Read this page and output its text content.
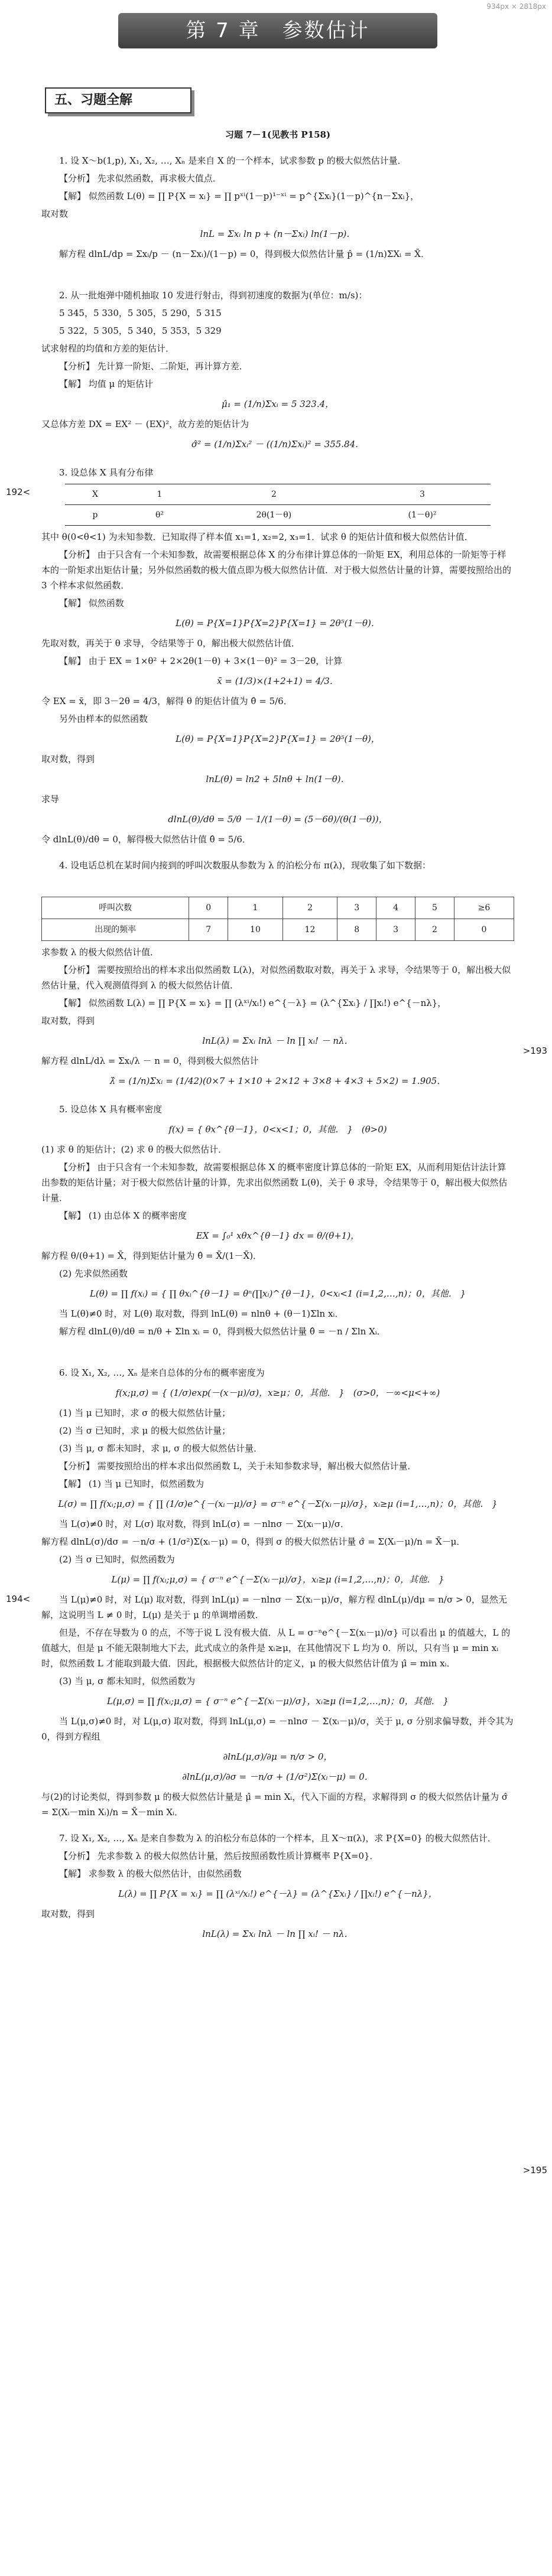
934px × 2818px
第 7 章　参数估计
五、习题全解
192<
>193
194<
>195

习题 7－1(见教书 P158)

1. 设 X～b(1,p), X₁, X₂, …, Xₙ 是来自 X 的一个样本，试求参数 p 的极大似然估计量．

【分析】 先求似然函数，再求极大值点．

【解】 似然函数 L(θ) = ∏ P{X = xᵢ} = ∏ pˣⁱ(1－p)¹⁻ˣⁱ = p^{Σxᵢ}(1－p)^{n－Σxᵢ}，

取对数

lnL = Σxᵢ ln p + (n－Σxᵢ) ln(1－p)．

解方程 dlnL/dp = Σxᵢ/p － (n－Σxᵢ)/(1－p) = 0，得到极大似然估计量 p̂ = (1/n)ΣXᵢ = X̄．

2. 从一批炮弹中随机抽取 10 发进行射击，得到初速度的数据为(单位：m/s)：

5 345，5 330，5 305，5 290，5 315

5 322，5 305，5 340，5 353，5 329

试求射程的均值和方差的矩估计．

【分析】 先计算一阶矩、二阶矩，再计算方差．

【解】 均值 μ 的矩估计

μ̂₁ = (1/n)Σxᵢ = 5 323.4，

又总体方差 DX = EX² － (EX)²，故方差的矩估计为

σ̂² = (1/n)Σxᵢ² － ((1/n)Σxᵢ)² = 355.84．

3. 设总体 X 具有分布律

X	1	2	3
p	θ²	2θ(1－θ)	(1－θ)²

其中 θ(0<θ<1) 为未知参数．已知取得了样本值 x₁=1, x₂=2, x₃=1．试求 θ 的矩估计值和极大似然估计值．

【分析】 由于只含有一个未知参数，故需要根据总体 X 的分布律计算总体的一阶矩 EX，利用总体的一阶矩等于样本的一阶矩求出矩估计量；另外似然函数的极大值点即为极大似然估计值．对于极大似然估计量的计算，需要按照给出的 3 个样本求似然函数．

【解】 似然函数

L(θ) = P{X=1}P{X=2}P{X=1} = 2θ⁵(1－θ)．

先取对数，再关于 θ 求导，令结果等于 0，解出极大似然估计值．

【解】 由于 EX = 1×θ² + 2×2θ(1－θ) + 3×(1－θ)² = 3－2θ，计算

x̄ = (1/3)×(1+2+1) = 4/3．

令 EX = x̄，即 3－2θ = 4/3，解得 θ 的矩估计值为 θ̂ = 5/6．

另外由样本的似然函数

L(θ) = P{X=1}P{X=2}P{X=1} = 2θ⁵(1－θ)，

取对数，得到

lnL(θ) = ln2 + 5lnθ + ln(1－θ)．

求导

dlnL(θ)/dθ = 5/θ － 1/(1－θ) = (5－6θ)/(θ(1－θ))，

令 dlnL(θ)/dθ = 0，解得极大似然估计值 θ̂ = 5/6．

4. 设电话总机在某时间内接到的呼叫次数服从参数为 λ 的泊松分布 π(λ)，现收集了如下数据：

呼叫次数	0	1	2	3	4	5	≥6
出现的频率	7	10	12	8	3	2	0

求参数 λ 的极大似然估计值．

【分析】 需要按照给出的样本求出似然函数 L(λ)，对似然函数取对数，再关于 λ 求导，令结果等于 0，解出极大似然估计量，代入观测值得到 λ 的极大似然估计值．

【解】 似然函数 L(λ) = ∏ P{X = xᵢ} = ∏ (λˣⁱ/xᵢ!) e^{－λ} = (λ^{Σxᵢ} / ∏xᵢ!) e^{－nλ}，

取对数，得到

lnL(λ) = Σxᵢ lnλ － ln ∏ xᵢ! － nλ．

解方程 dlnL/dλ = Σxᵢ/λ － n = 0，得到极大似然估计

λ̂ = (1/n)Σxᵢ = (1/42)(0×7 + 1×10 + 2×12 + 3×8 + 4×3 + 5×2) = 1.905．

5. 设总体 X 具有概率密度

f(x) = { θx^{θ－1}，0<x<1；0，其他． }　(θ>0)

(1) 求 θ 的矩估计；(2) 求 θ 的极大似然估计．

【分析】 由于只含有一个未知参数，故需要根据总体 X 的概率密度计算总体的一阶矩 EX，从而利用矩估计法计算出参数的矩估计量；对于极大似然估计量的计算，先求出似然函数 L(θ)，关于 θ 求导，令结果等于 0，解出极大似然估计量．

【解】 (1) 由总体 X 的概率密度

EX = ∫₀¹ xθx^{θ－1} dx = θ/(θ+1)，

解方程 θ/(θ+1) = X̄，得到矩估计量为 θ̂ = X̄/(1－X̄)．

(2) 先求似然函数

L(θ) = ∏ f(xᵢ) = { ∏ θxᵢ^{θ－1} = θⁿ(∏xᵢ)^{θ－1}，0<xᵢ<1 (i=1,2,…,n)；0，其他． }

当 L(θ)≠0 时，对 L(θ) 取对数，得到 lnL(θ) = nlnθ + (θ－1)Σln xᵢ．

解方程 dlnL(θ)/dθ = n/θ + Σln xᵢ = 0，得到极大似然估计量 θ̂ = －n / Σln Xᵢ．

6. 设 X₁, X₂, …, Xₙ 是来自总体的分布的概率密度为

f(x;μ,σ) = { (1/σ)exp(－(x－μ)/σ)，x≥μ；0，其他． }　(σ>0，－∞<μ<+∞)

(1) 当 μ 已知时，求 σ 的极大似然估计量；

(2) 当 σ 已知时，求 μ 的极大似然估计量；

(3) 当 μ, σ 都未知时，求 μ, σ 的极大似然估计量．

【分析】 需要按照给出的样本求出似然函数 L，关于未知参数求导，解出极大似然估计量．

【解】 (1) 当 μ 已知时，似然函数为

L(σ) = ∏ f(xᵢ;μ,σ) = { ∏ (1/σ)e^{－(xᵢ－μ)/σ} = σ⁻ⁿ e^{－Σ(xᵢ－μ)/σ}，xᵢ≥μ (i=1,…,n)；0，其他． }

当 L(σ)≠0 时，对 L(σ) 取对数，得到 lnL(σ) = －nlnσ － Σ(xᵢ－μ)/σ．

解方程 dlnL(σ)/dσ = －n/σ + (1/σ²)Σ(xᵢ－μ) = 0，得到 σ 的极大似然估计量 σ̂ = Σ(Xᵢ－μ)/n = X̄－μ．

(2) 当 σ 已知时，似然函数为

L(μ) = ∏ f(xᵢ;μ,σ) = { σ⁻ⁿ e^{－Σ(xᵢ－μ)/σ}，xᵢ≥μ (i=1,2,…,n)；0，其他． }

当 L(μ)≠0 时，对 L(μ) 取对数，得到 lnL(μ) = －nlnσ － Σ(xᵢ－μ)/σ，解方程 dlnL(μ)/dμ = n/σ > 0，显然无解，这说明当 L ≠ 0 时，L(μ) 是关于 μ 的单调增函数．

但是，不存在导数为 0 的点，不等于说 L 没有极大值．从 L = σ⁻ⁿe^{－Σ(xᵢ－μ)/σ} 可以看出 μ 的值越大，L 的值越大，但是 μ 不能无限制地大下去，此式成立的条件是 xᵢ≥μ，在其他情况下 L 均为 0．所以，只有当 μ = min xᵢ 时，似然函数 L 才能取到最大值．因此，根据极大似然估计的定义，μ 的极大似然估计值为 μ̂ = min xᵢ．

(3) 当 μ, σ 都未知时，似然函数为

L(μ,σ) = ∏ f(xᵢ;μ,σ) = { σ⁻ⁿ e^{－Σ(xᵢ－μ)/σ}，xᵢ≥μ (i=1,2,…,n)；0，其他． }

当 L(μ,σ)≠0 时，对 L(μ,σ) 取对数，得到 lnL(μ,σ) = －nlnσ － Σ(xᵢ－μ)/σ，关于 μ, σ 分别求偏导数，并令其为 0，得到方程组

∂lnL(μ,σ)/∂μ = n/σ > 0，

∂lnL(μ,σ)/∂σ = －n/σ + (1/σ²)Σ(xᵢ－μ) = 0．

与(2)的讨论类似，得到参数 μ 的极大似然估计量是 μ̂ = min Xᵢ，代入下面的方程，求解得到 σ 的极大似然估计量为 σ̂ = Σ(Xᵢ－min Xᵢ)/n = X̄－min Xᵢ．

7. 设 X₁, X₂, …, Xₙ 是来自参数为 λ 的泊松分布总体的一个样本，且 X～π(λ)，求 P{X=0} 的极大似然估计．

【分析】 先求参数 λ 的极大似然估计量，然后按照函数性质计算概率 P{X=0}．

【解】 求参数 λ 的极大似然估计，由似然函数

L(λ) = ∏ P{X = xᵢ} = ∏ (λˣⁱ/xᵢ!) e^{－λ} = (λ^{Σxᵢ} / ∏xᵢ!) e^{－nλ}，

取对数，得到

lnL(λ) = Σxᵢ lnλ － ln ∏ xᵢ! － nλ．
